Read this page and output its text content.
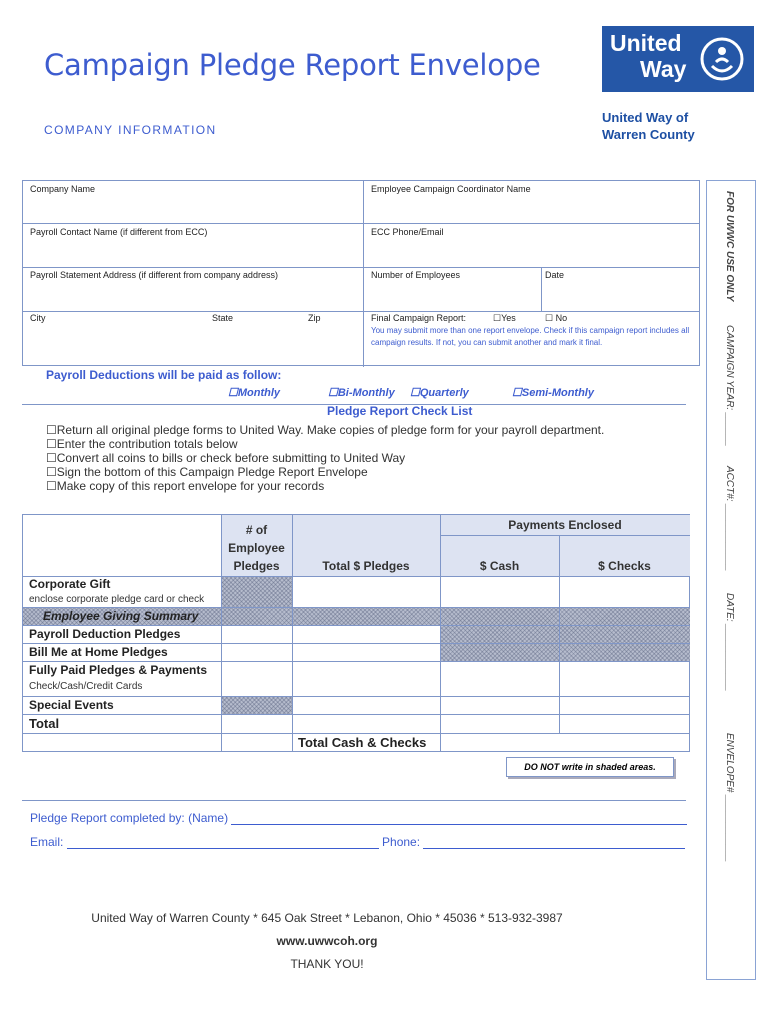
Campaign Pledge Report Envelope
United
Way
United Way of
Warren County
COMPANY INFORMATION
Company Name	Employee Campaign Coordinator Name
Payroll Contact Name (if different from ECC)	ECC Phone/Email
Payroll Statement Address (if different from company address)	Number of Employees	Date
City	State	Zip	Final Campaign Report:	☐Yes	☐ No
You may submit more than one report envelope. Check if this campaign report includes all campaign results. If not, you can submit another and mark it final.
FOR UWWC USE ONLY
CAMPAIGN YEAR: ______
ACCT#: ____________
DATE: ____________
ENVELOPE# ____________
Payroll Deductions will be paid as follow:
☐Monthly	☐Bi-Monthly ☐Quarterly	☐Semi-Monthly
Pledge Report Check List
☐Return all original pledge forms to United Way. Make copies of pledge form for your payroll department.
☐Enter the contribution totals below
☐Convert all coins to bills or check before submitting to United Way
☐Sign the bottom of this Campaign Pledge Report Envelope
☐Make copy of this report envelope for your records
# of
Employee
Pledges	Total $ Pledges
Payments Enclosed
$ Cash	$ Checks
Corporate Gift
enclose corporate pledge card or check
Employee Giving Summary
Payroll Deduction Pledges
Bill Me at Home Pledges
Fully Paid Pledges & Payments
Check/Cash/Credit Cards
Special Events
Total
Total Cash & Checks
DO NOT write in shaded areas.
Pledge Report completed by: (Name)
Email:	Phone:
United Way of Warren County * 645 Oak Street * Lebanon, Ohio * 45036 * 513-932-3987
www.uwwcoh.org
THANK YOU!
